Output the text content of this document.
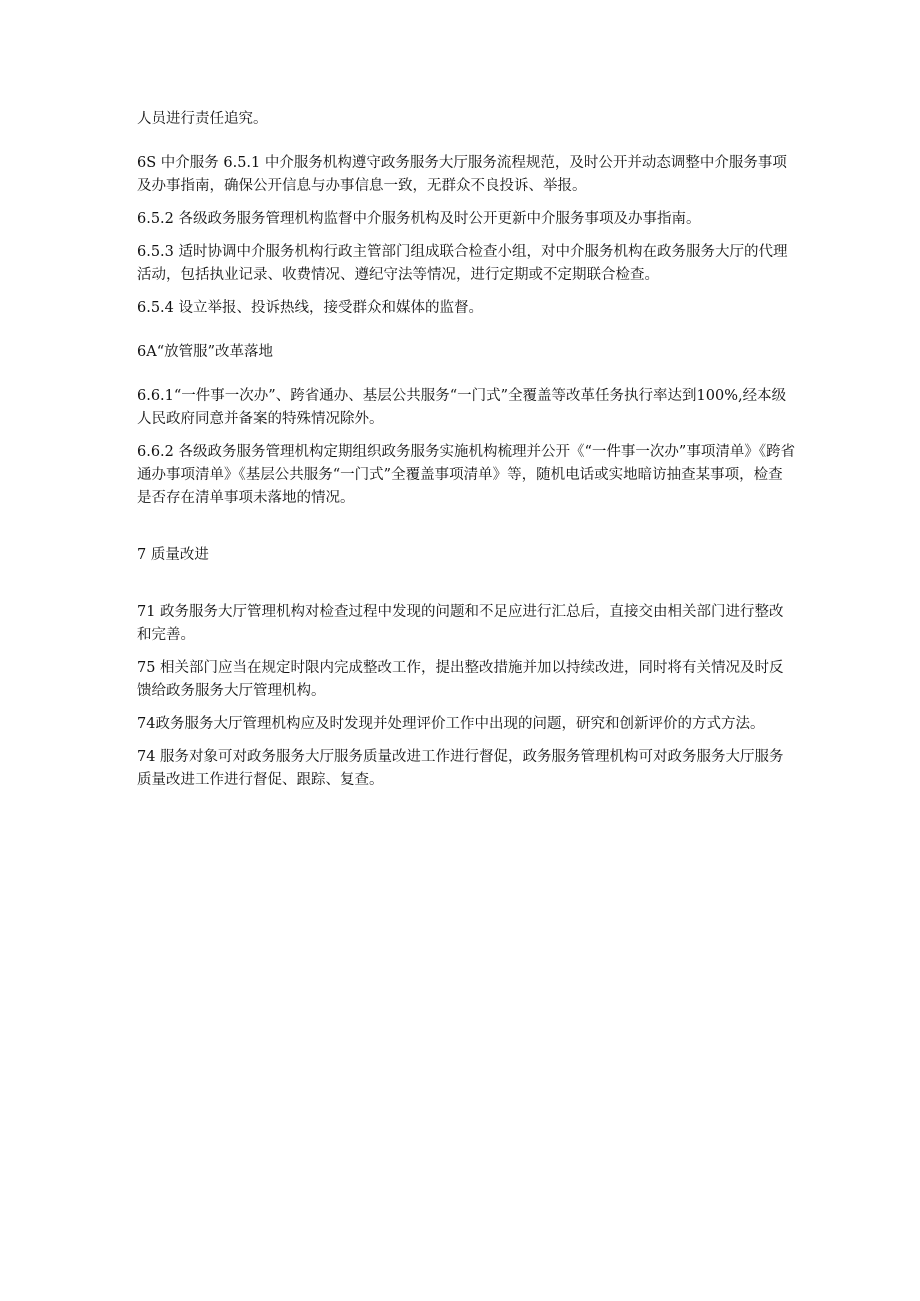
人员进行责任追究。

6S 中介服务 6.5.1 中介服务机构遵守政务服务大厅服务流程规范，及时公开并动态调整中介服务事项及办事指南，确保公开信息与办事信息一致，无群众不良投诉、举报。

6.5.2 各级政务服务管理机构监督中介服务机构及时公开更新中介服务事项及办事指南。

6.5.3 适时协调中介服务机构行政主管部门组成联合检查小组，对中介服务机构在政务服务大厅的代理活动，包括执业记录、收费情况、遵纪守法等情况，进行定期或不定期联合检查。

6.5.4 设立举报、投诉热线，接受群众和媒体的监督。

6A“放管服”改革落地

6.6.1“一件事一次办”、跨省通办、基层公共服务“一门式”全覆盖等改革任务执行率达到100%,经本级人民政府同意并备案的特殊情况除外。

6.6.2 各级政务服务管理机构定期组织政务服务实施机构梳理并公开《“一件事一次办”事项清单》《跨省通办事项清单》《基层公共服务“一门式”全覆盖事项清单》等，随机电话或实地暗访抽查某事项，检查是否存在清单事项未落地的情况。

7 质量改进

71 政务服务大厅管理机构对检查过程中发现的问题和不足应进行汇总后，直接交由相关部门进行整改和完善。

75 相关部门应当在规定时限内完成整改工作，提出整改措施并加以持续改进，同时将有关情况及时反馈给政务服务大厅管理机构。

74政务服务大厅管理机构应及时发现并处理评价工作中出现的问题，研究和创新评价的方式方法。

74 服务对象可对政务服务大厅服务质量改进工作进行督促，政务服务管理机构可对政务服务大厅服务质量改进工作进行督促、跟踪、复查。
